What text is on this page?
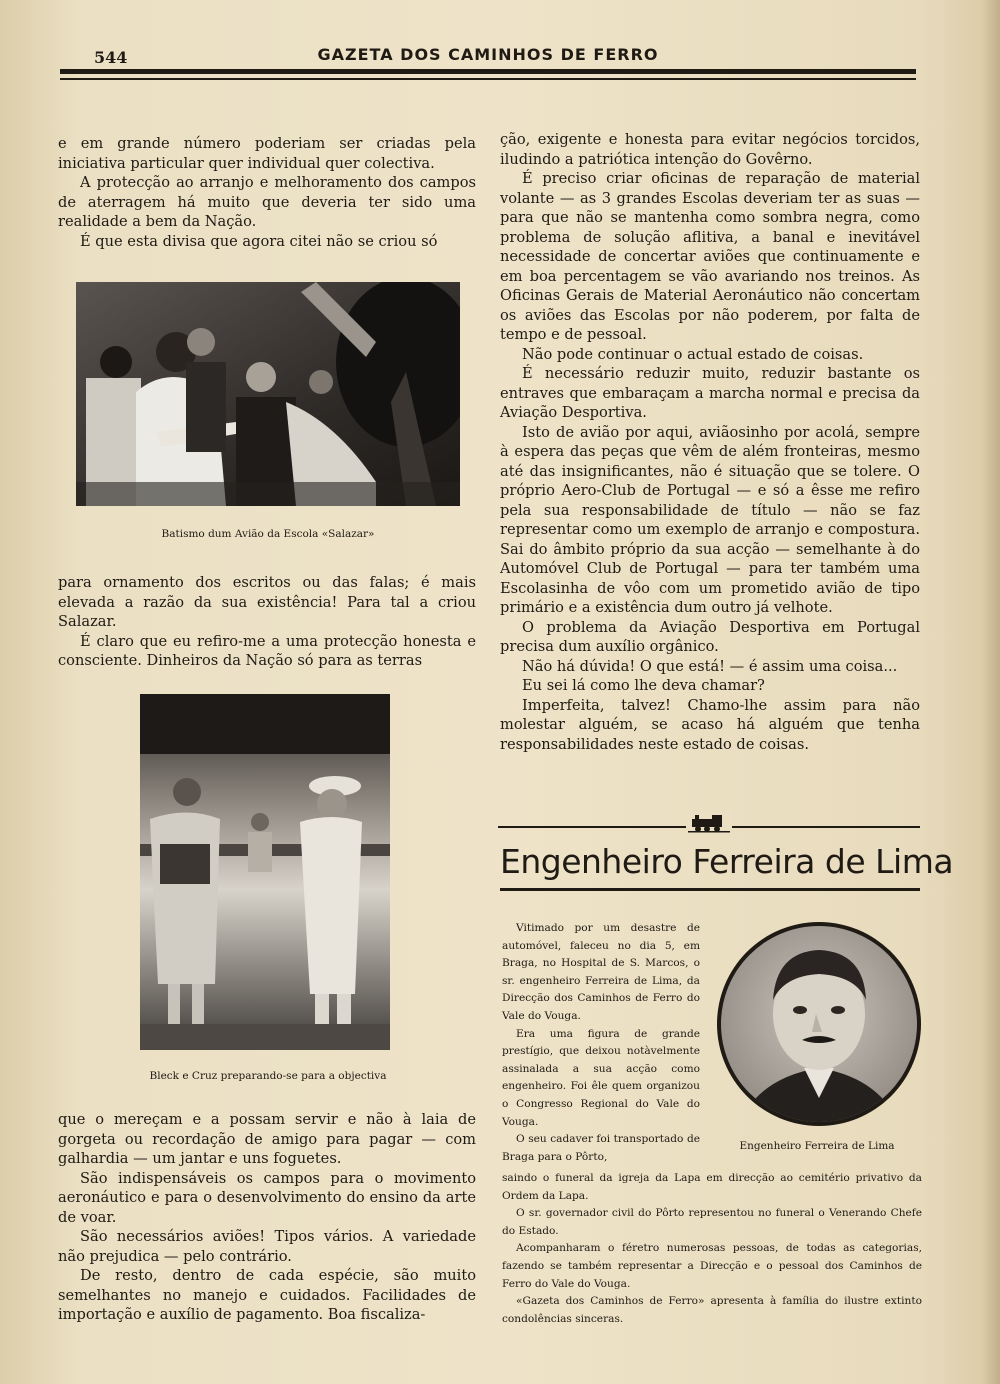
544	GAZETA DOS CAMINHOS DE FERRO

e em grande número poderiam ser criadas pela iniciativa particular quer individual quer colectiva.

A protecção ao arranjo e melhoramento dos campos de aterragem há muito que deveria ter sido uma realidade a bem da Nação.

É que esta divisa que agora citei não se criou só

Batismo dum Avião da Escola «Salazar»

para ornamento dos escritos ou das falas; é mais elevada a razão da sua existência! Para tal a criou Salazar.

É claro que eu refiro-me a uma protecção honesta e consciente. Dinheiros da Nação só para as terras

Bleck e Cruz preparando-se para a objectiva

que o mereçam e a possam servir e não à laia de gorgeta ou recordação de amigo para pagar — com galhardia — um jantar e uns foguetes.

São indispensáveis os campos para o movimento aeronáutico e para o desenvolvimento do ensino da arte de voar.

São necessários aviões! Tipos vários. A variedade não prejudica — pelo contrário.

De resto, dentro de cada espécie, são muito semelhantes no manejo e cuidados. Facilidades de importação e auxílio de pagamento. Boa fiscaliza-

ção, exigente e honesta para evitar negócios torcidos, iludindo a patriótica intenção do Govêrno.

É preciso criar oficinas de reparação de material volante — as 3 grandes Escolas deveriam ter as suas — para que não se mantenha como sombra negra, como problema de solução aflitiva, a banal e inevitável necessidade de concertar aviões que continuamente e em boa percentagem se vão avariando nos treinos. As Oficinas Gerais de Material Aeronáutico não concertam os aviões das Escolas por não poderem, por falta de tempo e de pessoal.

Não pode continuar o actual estado de coisas.

É necessário reduzir muito, reduzir bastante os entraves que embaraçam a marcha normal e precisa da Aviação Desportiva.

Isto de avião por aqui, aviãosinho por acolá, sempre à espera das peças que vêm de além fronteiras, mesmo até das insignificantes, não é situação que se tolere. O próprio Aero-Club de Portugal — e só a êsse me refiro pela sua responsabilidade de título — não se faz representar como um exemplo de arranjo e compostura. Sai do âmbito próprio da sua acção — semelhante à do Automóvel Club de Portugal — para ter também uma Escolasinha de vôo com um prometido avião de tipo primário e a existência dum outro já velhote.

O problema da Aviação Desportiva em Portugal precisa dum auxílio orgânico.

Não há dúvida! O que está! — é assim uma coisa...

Eu sei lá como lhe deva chamar?

Imperfeita, talvez! Chamo-lhe assim para não molestar alguém, se acaso há alguém que tenha responsabilidades neste estado de coisas.

Engenheiro Ferreira de Lima

Vitimado por um desastre de automóvel, faleceu no dia 5, em Braga, no Hospital de S. Marcos, o sr. engenheiro Ferreira de Lima, da Direcção dos Caminhos de Ferro do Vale do Vouga.

Era uma figura de grande prestígio, que deixou notàvelmente assinalada a sua acção como engenheiro. Foi êle quem organizou o Congresso Regional do Vale do Vouga.

O seu cadaver foi transportado de Braga para o Pôrto,

Engenheiro Ferreira de Lima

saindo o funeral da igreja da Lapa em direcção ao cemitério privativo da Ordem da Lapa.

O sr. governador civil do Pôrto representou no funeral o Venerando Chefe do Estado.

Acompanharam o féretro numerosas pessoas, de todas as categorias, fazendo se também representar a Direcção e o pessoal dos Caminhos de Ferro do Vale do Vouga.

«Gazeta dos Caminhos de Ferro» apresenta à família do ilustre extinto condolências sinceras.
